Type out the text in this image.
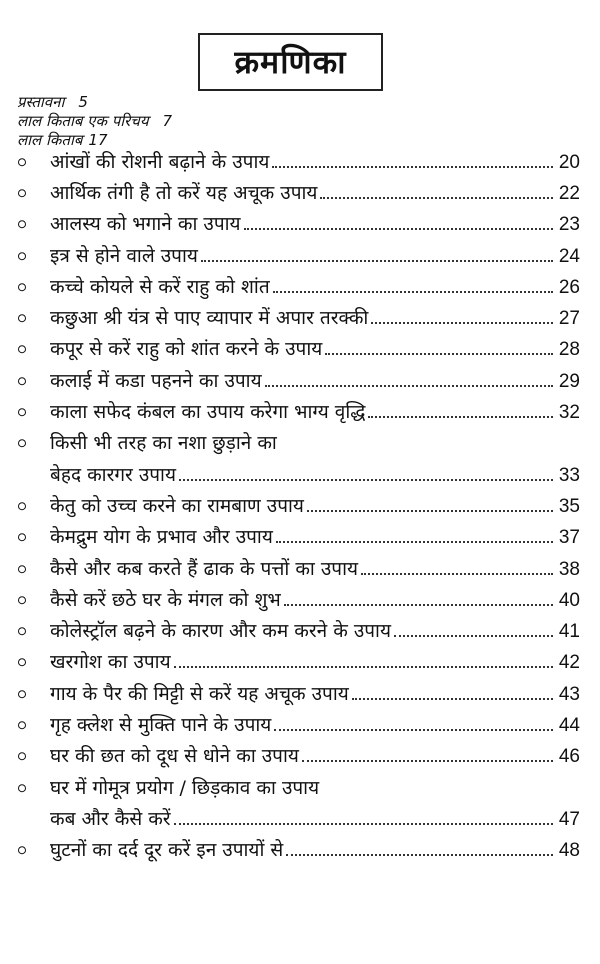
क्रमणिका
प्रस्तावना 5
लाल किताब एक परिचय 7
लाल किताब 17
आंखों की रोशनी बढ़ाने के उपाय	20
आर्थिक तंगी है तो करें यह अचूक उपाय	22
आलस्य को भगाने का उपाय	23
इत्र से होने वाले उपाय	24
कच्चे कोयले से करें राहु को शांत	26
कछुआ श्री यंत्र से पाए व्यापार में अपार तरक्की	27
कपूर से करें राहु को शांत करने के उपाय	28
कलाई में कडा पहनने का उपाय	29
काला सफेद कंबल का उपाय करेगा भाग्य वृद्धि	32
किसी भी तरह का नशा छुड़ाने का
बेहद कारगर उपाय	33
केतु को उच्च करने का रामबाण उपाय	35
केमद्रुम योग के प्रभाव और उपाय	37
कैसे और कब करते हैं ढाक के पत्तों का उपाय	38
कैसे करें छठे घर के मंगल को शुभ	40
कोलेस्ट्रॉल बढ़ने के कारण और कम करने के उपाय	41
खरगोश का उपाय	42
गाय के पैर की मिट्टी से करें यह अचूक उपाय	43
गृह क्लेश से मुक्ति पाने के उपाय	44
घर की छत को दूध से धोने का उपाय	46
घर में गोमूत्र प्रयोग / छिड़काव का उपाय
कब और कैसे करें	47
घुटनों का दर्द दूर करें इन उपायों से	48
